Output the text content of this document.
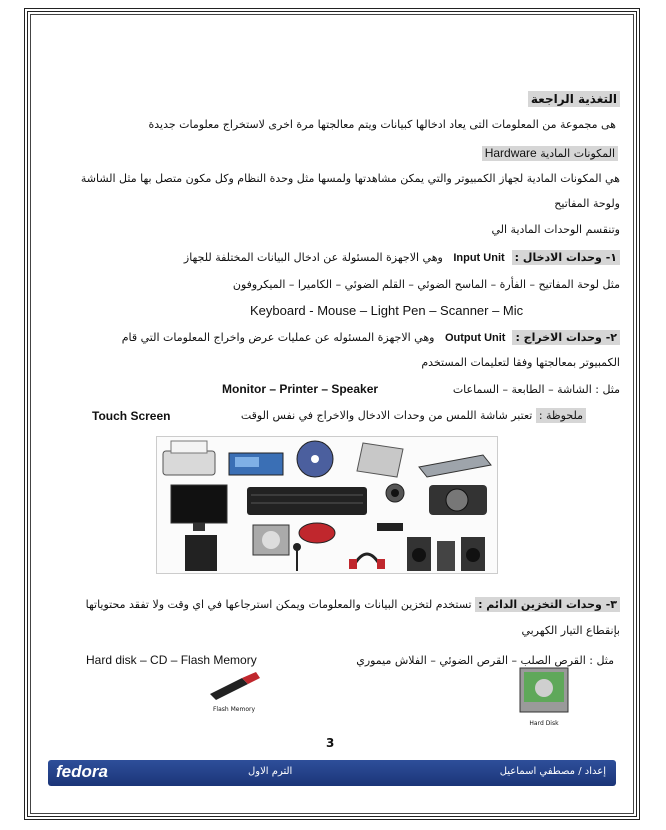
التغذية الراجعة
هى مجموعة من المعلومات التى يعاد ادخالها كبيانات ويتم معالجتها مرة اخرى لاستخراج معلومات جديدة
المكونات المادية Hardware
هي المكونات المادية لجهاز الكمبيوتر والتي يمكن مشاهدتها ولمسها مثل وحدة النظام وكل مكون متصل بها مثل الشاشة
ولوحة المفاتيح
وتنقسم الوحدات المادية الي
١- وحدات الادخال :  Input Unit   وهي الاجهزة المسئولة عن ادخال البيانات المختلفة للجهاز
مثل لوحة المفاتيح – الفأرة – الماسح الضوئي – القلم الضوئي – الكاميرا – الميكروفون
Keyboard - Mouse – Light Pen – Scanner – Mic
٢- وحدات الاخراج :  Output Unit   وهي الاجهزة المسئوله عن عمليات عرض واخراج المعلومات التي قام
الكمبيوتر بمعالجتها وفقا لتعليمات المستخدم
مثل : الشاشة – الطابعة – السماعات
Monitor – Printer – Speaker
ملحوظة : تعتبر شاشة اللمس من وحدات الادخال والاخراج في نفس الوقت
Touch Screen
٣- وحدات التخزين الدائم : تستخدم لتخزين البيانات والمعلومات ويمكن استرجاعها في اي وقت ولا تفقد محتوياتها
بإنقطاع التيار الكهربي
مثل : القرص الصلب – القرص الضوئي – الفلاش ميموري
Hard disk – CD – Flash Memory
Flash Memory
Hard Disk
3
fedora	الترم الاول	إعداد / مصطفي اسماعيل
